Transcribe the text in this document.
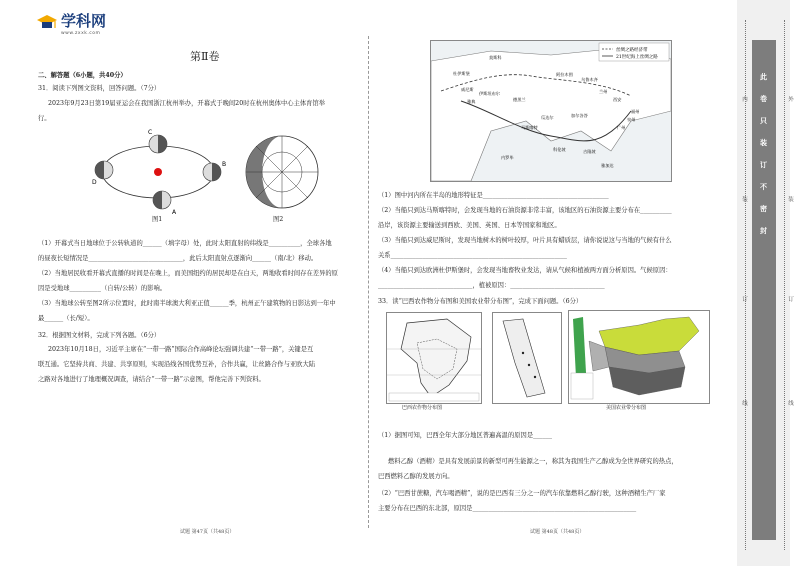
学科网
www.zxxk.com
第Ⅱ卷
二、解答题（6小题，共40分）
31．阅读下列图文资料，回答问题。（7分）
2023年9月23日第19届亚运会在我国浙江杭州举办，开幕式于晚间20时在杭州奥体中心主体育馆举
行。
C
D
B
A
图1	图2
（1）开幕式当日地球位于公转轨道的______（填字母）处，此时太阳直射的纬线是__________，全球各地
的昼夜长短情况是______________________________，此后太阳直射点逐渐向______（南/北）移动。
（2）当地居民收看开幕式直播的时间是在晚上，而美国纽约的居民却是在白天，两地收看时间存在差异的原
因是受地球__________（自转/公转）的影响。
（3）当地球公转至图2所示位置时，此时南半球澳大利亚正值______季，杭州正午建筑物的日影达到一年中
最______（长/短）。
32．根据图文材料，完成下列各题。（6分）
2023年10月18日，习近平主席在“一带一路”国际合作高峰论坛强调共建“一带一路”，关键是互
联互通。它坚持共商、共建、共享原则，实现沿线各国优势互补，合作共赢，让丝路合作与亚欧大陆
之路对各地进行了地理概况调查，请结合“一带一路”示意图，帮他完善下列资料。
试题 第47页（共48页）
丝绸之路经济带
21世纪海上丝绸之路
莫斯科
阿拉木图
杜伊斯堡
威尼斯
雅典
伊斯坦布尔
德黑兰
乌鲁木齐
兰州
西安
福州
泉州
广州
加尔各答
科伦坡
雅加达
内罗毕
马斯喀特
瓜达尔
吉隆坡
（1）图中河内所在半岛的地形特征是________________________________________
（2）当船只到达马斯喀特时，会发现当地的石油资源非常丰富，该地区的石油资源主要分布在__________
沿岸，该资源主要输送到西欧、美国、英国、日本等国家和地区。
（3）当船只到达威尼斯时，发现当地树木的树叶较厚，叶片具有蜡质层，请你说说这与当地的气候有什么
关系________________________________________________________
（4）当船只到达欧洲杜伊斯堡时，会发现当地畜牧业发达，请从气候和植被两方面分析原因。气候原因：
______________________________，植被原因：______________________________
33．读“巴西农作物分布图和美国农业带分布图”，完成下面问题。（6分）
巴西农作物分布图	美国农业带分布图
（1）据图可知，巴西全年大部分地区普遍高温的原因是______
燃料乙醇（酒精）是具有发展前景的新型可再生能源之一，称其为我国生产乙醇成为全世界研究的热点，
巴西燃料乙醇的发展方向。
（2）“巴西甘蔗糖，汽车喝酒精”，说的是巴西有三分之一的汽车依靠燃料乙醇行驶，这种酒精生产厂家
主要分布在巴西的东北部，原因是____________________________________________________
试题 第48页（共48页）
此
卷
只
装
订
不
密
封
内
装
订
线
外
装
订
线
